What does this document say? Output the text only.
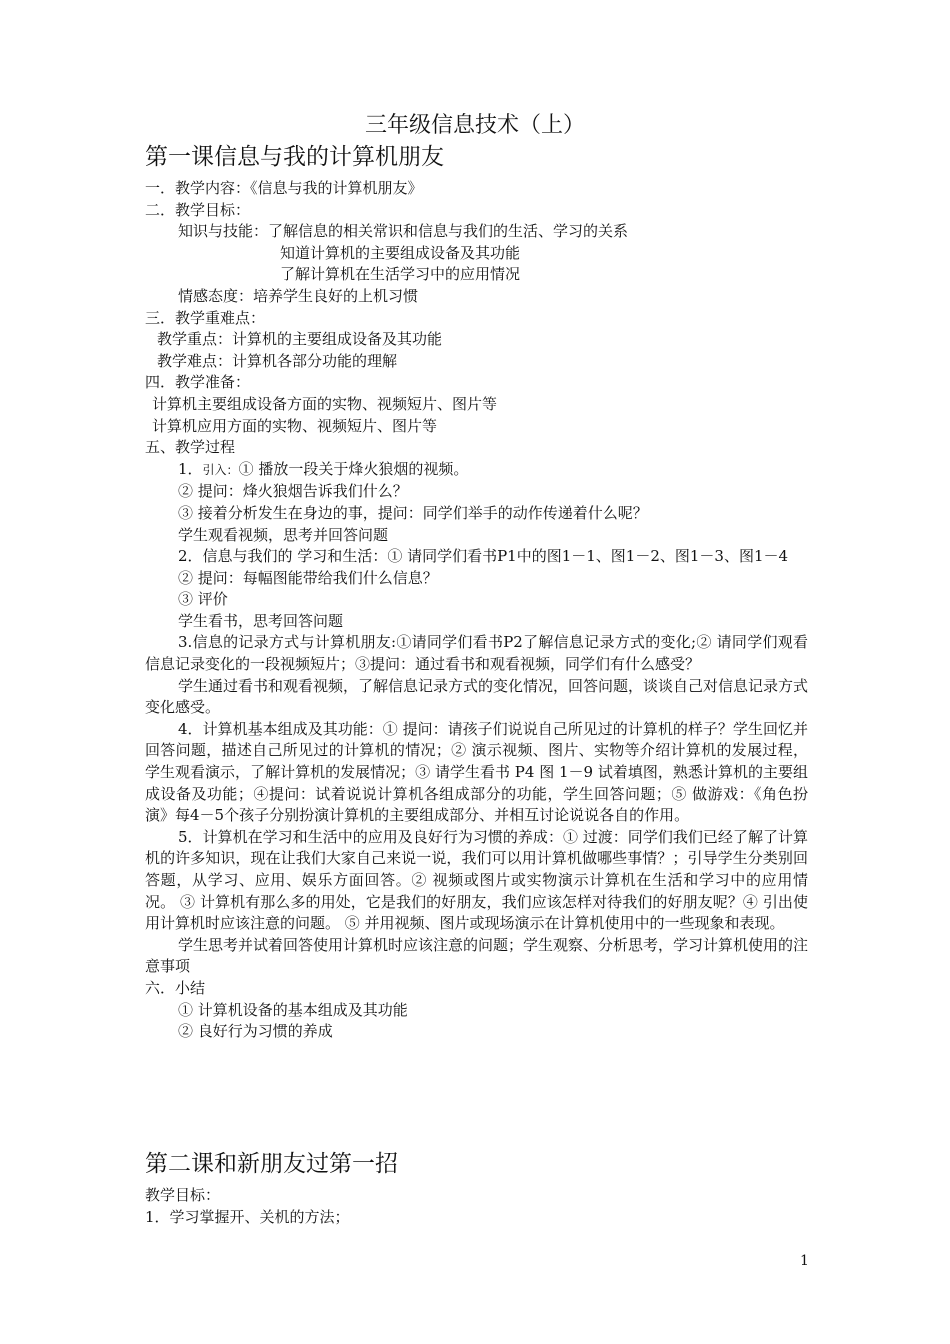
三年级信息技术（上）
第一课信息与我的计算机朋友
一．教学内容：《信息与我的计算机朋友》
二．教学目标：
知识与技能：了解信息的相关常识和信息与我们的生活、学习的关系
知道计算机的主要组成设备及其功能
了解计算机在生活学习中的应用情况
情感态度：培养学生良好的上机习惯
三．教学重难点：
教学重点：计算机的主要组成设备及其功能
教学难点：计算机各部分功能的理解
四．教学准备：
计算机主要组成设备方面的实物、视频短片、图片等
计算机应用方面的实物、视频短片、图片等
五、教学过程
1．引入：① 播放一段关于烽火狼烟的视频。
② 提问：烽火狼烟告诉我们什么？
③ 接着分析发生在身边的事，提问：同学们举手的动作传递着什么呢？
学生观看视频，思考并回答问题
2．信息与我们的 学习和生活：① 请同学们看书P1中的图1－1、图1－2、图1－3、图1－4
② 提问：每幅图能带给我们什么信息？
③ 评价
学生看书，思考回答问题
3.信息的记录方式与计算机朋友:①请同学们看书P2了解信息记录方式的变化;② 请同学们观看信息记录变化的一段视频短片；③提问：通过看书和观看视频，同学们有什么感受？
学生通过看书和观看视频，了解信息记录方式的变化情况，回答问题，谈谈自己对信息记录方式变化感受。
4．计算机基本组成及其功能：① 提问：请孩子们说说自己所见过的计算机的样子？学生回忆并回答问题，描述自己所见过的计算机的情况；② 演示视频、图片、实物等介绍计算机的发展过程，学生观看演示，了解计算机的发展情况；③ 请学生看书 P4 图 1－9 试着填图，熟悉计算机的主要组成设备及功能；④提问：试着说说计算机各组成部分的功能，学生回答问题；⑤ 做游戏：《角色扮演》每4－5个孩子分别扮演计算机的主要组成部分、并相互讨论说说各自的作用。
5．计算机在学习和生活中的应用及良好行为习惯的养成：① 过渡：同学们我们已经了解了计算机的许多知识，现在让我们大家自己来说一说，我们可以用计算机做哪些事情？；引导学生分类别回答题，从学习、应用、娱乐方面回答。② 视频或图片或实物演示计算机在生活和学习中的应用情况。 ③ 计算机有那么多的用处，它是我们的好朋友，我们应该怎样对待我们的好朋友呢？④ 引出使用计算机时应该注意的问题。 ⑤ 并用视频、图片或现场演示在计算机使用中的一些现象和表现。
学生思考并试着回答使用计算机时应该注意的问题；学生观察、分析思考，学习计算机使用的注意事项
六．小结
① 计算机设备的基本组成及其功能
② 良好行为习惯的养成
第二课和新朋友过第一招
教学目标：
1．学习掌握开、关机的方法；
1
